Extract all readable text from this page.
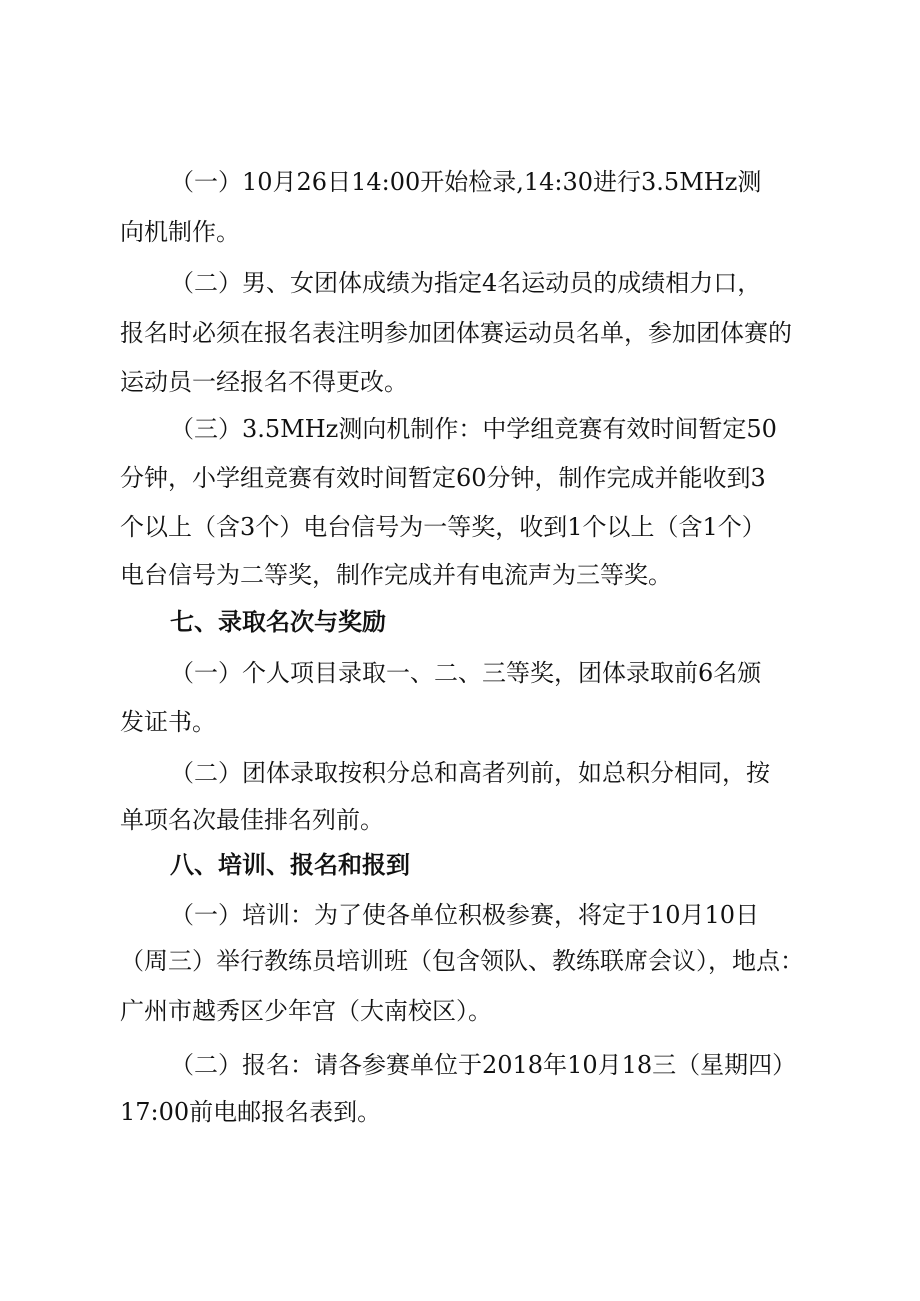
（一）10月26日14:00开始检录,14:30进行3.5MHz测
向机制作。
（二）男、女团体成绩为指定4名运动员的成绩相力口，
报名时必须在报名表注明参加团体赛运动员名单，参加团体赛的
运动员一经报名不得更改。
（三）3.5MHz测向机制作：中学组竞赛有效时间暂定50
分钟，小学组竞赛有效时间暂定60分钟，制作完成并能收到3
个以上（含3个）电台信号为一等奖，收到1个以上（含1个）
电台信号为二等奖，制作完成并有电流声为三等奖。
七、录取名次与奖励
（一）个人项目录取一、二、三等奖，团体录取前6名颁
发证书。
（二）团体录取按积分总和高者列前，如总积分相同，按
单项名次最佳排名列前。
八、培训、报名和报到
（一）培训：为了使各单位积极参赛，将定于10月10日
（周三）举行教练员培训班（包含领队、教练联席会议），地点：
广州市越秀区少年宫（大南校区）。
（二）报名：请各参赛单位于2018年10月18三（星期四）
17:00前电邮报名表到。
